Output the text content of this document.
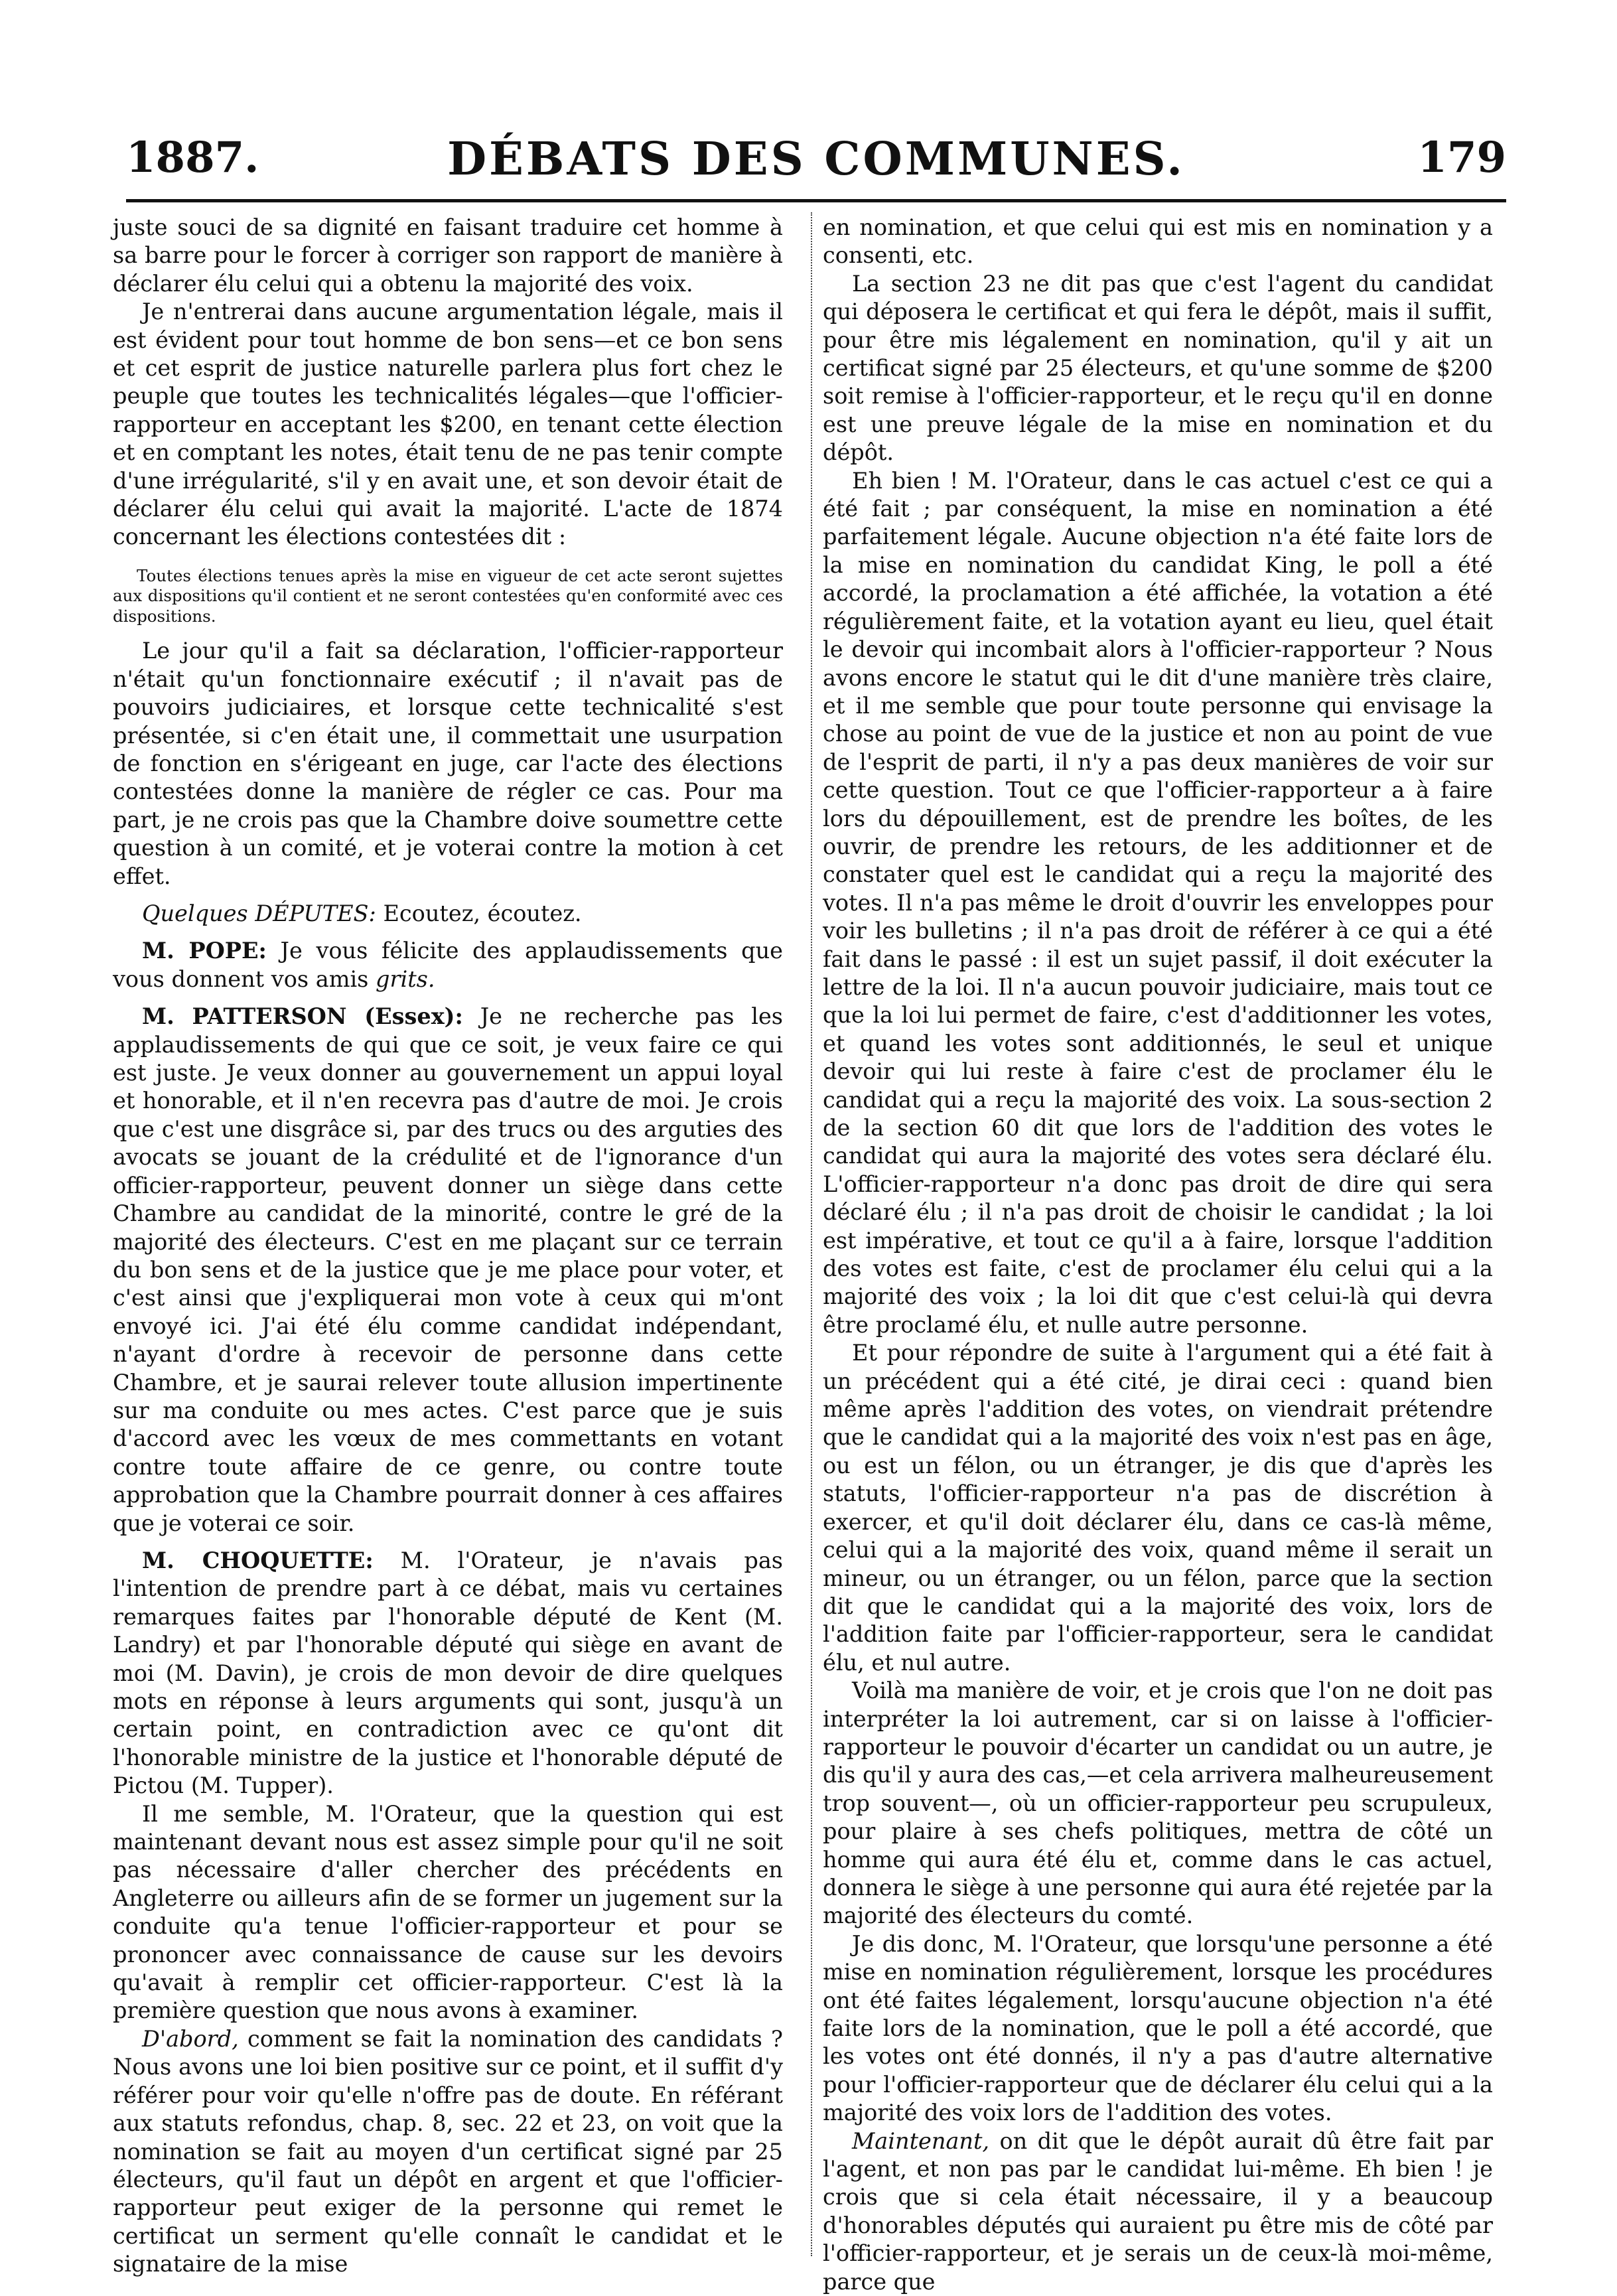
1887.	DÉBATS DES COMMUNES.	179

juste souci de sa dignité en faisant traduire cet homme à sa barre pour le forcer à corriger son rapport de manière à déclarer élu celui qui a obtenu la majorité des voix.

Je n'entrerai dans aucune argumentation légale, mais il est évident pour tout homme de bon sens—et ce bon sens et cet esprit de justice naturelle parlera plus fort chez le peuple que toutes les technicalités légales—que l'officier-rapporteur en acceptant les $200, en tenant cette élection et en comptant les notes, était tenu de ne pas tenir compte d'une irrégularité, s'il y en avait une, et son devoir était de déclarer élu celui qui avait la majorité. L'acte de 1874 concernant les élections contestées dit :

Toutes élections tenues après la mise en vigueur de cet acte seront sujettes aux dispositions qu'il contient et ne seront contestées qu'en conformité avec ces dispositions.

Le jour qu'il a fait sa déclaration, l'officier-rapporteur n'était qu'un fonctionnaire exécutif ; il n'avait pas de pouvoirs judiciaires, et lorsque cette technicalité s'est présentée, si c'en était une, il commettait une usurpation de fonction en s'érigeant en juge, car l'acte des élections contestées donne la manière de régler ce cas. Pour ma part, je ne crois pas que la Chambre doive soumettre cette question à un comité, et je voterai contre la motion à cet effet.

Quelques DÉPUTES: Ecoutez, écoutez.

M. POPE: Je vous félicite des applaudissements que vous donnent vos amis grits.

M. PATTERSON (Essex): Je ne recherche pas les applaudissements de qui que ce soit, je veux faire ce qui est juste. Je veux donner au gouvernement un appui loyal et honorable, et il n'en recevra pas d'autre de moi. Je crois que c'est une disgrâce si, par des trucs ou des arguties des avocats se jouant de la crédulité et de l'ignorance d'un officier-rapporteur, peuvent donner un siège dans cette Chambre au candidat de la minorité, contre le gré de la majorité des électeurs. C'est en me plaçant sur ce terrain du bon sens et de la justice que je me place pour voter, et c'est ainsi que j'expliquerai mon vote à ceux qui m'ont envoyé ici. J'ai été élu comme candidat indépendant, n'ayant d'ordre à recevoir de personne dans cette Chambre, et je saurai relever toute allusion impertinente sur ma conduite ou mes actes. C'est parce que je suis d'accord avec les vœux de mes commettants en votant contre toute affaire de ce genre, ou contre toute approbation que la Chambre pourrait donner à ces affaires que je voterai ce soir.

M. CHOQUETTE: M. l'Orateur, je n'avais pas l'intention de prendre part à ce débat, mais vu certaines remarques faites par l'honorable député de Kent (M. Landry) et par l'honorable député qui siège en avant de moi (M. Davin), je crois de mon devoir de dire quelques mots en réponse à leurs arguments qui sont, jusqu'à un certain point, en contradiction avec ce qu'ont dit l'honorable ministre de la justice et l'honorable député de Pictou (M. Tupper).

Il me semble, M. l'Orateur, que la question qui est maintenant devant nous est assez simple pour qu'il ne soit pas nécessaire d'aller chercher des précédents en Angleterre ou ailleurs afin de se former un jugement sur la conduite qu'a tenue l'officier-rapporteur et pour se prononcer avec connaissance de cause sur les devoirs qu'avait à remplir cet officier-rapporteur. C'est là la première question que nous avons à examiner.

D'abord, comment se fait la nomination des candidats ? Nous avons une loi bien positive sur ce point, et il suffit d'y référer pour voir qu'elle n'offre pas de doute. En référant aux statuts refondus, chap. 8, sec. 22 et 23, on voit que la nomination se fait au moyen d'un certificat signé par 25 électeurs, qu'il faut un dépôt en argent et que l'officier-rapporteur peut exiger de la personne qui remet le certificat un serment qu'elle connaît le candidat et le signataire de la mise

en nomination, et que celui qui est mis en nomination y a consenti, etc.

La section 23 ne dit pas que c'est l'agent du candidat qui déposera le certificat et qui fera le dépôt, mais il suffit, pour être mis légalement en nomination, qu'il y ait un certificat signé par 25 électeurs, et qu'une somme de $200 soit remise à l'officier-rapporteur, et le reçu qu'il en donne est une preuve légale de la mise en nomination et du dépôt.

Eh bien ! M. l'Orateur, dans le cas actuel c'est ce qui a été fait ; par conséquent, la mise en nomination a été parfaitement légale. Aucune objection n'a été faite lors de la mise en nomination du candidat King, le poll a été accordé, la proclamation a été affichée, la votation a été régulièrement faite, et la votation ayant eu lieu, quel était le devoir qui incombait alors à l'officier-rapporteur ? Nous avons encore le statut qui le dit d'une manière très claire, et il me semble que pour toute personne qui envisage la chose au point de vue de la justice et non au point de vue de l'esprit de parti, il n'y a pas deux manières de voir sur cette question. Tout ce que l'officier-rapporteur a à faire lors du dépouillement, est de prendre les boîtes, de les ouvrir, de prendre les retours, de les additionner et de constater quel est le candidat qui a reçu la majorité des votes. Il n'a pas même le droit d'ouvrir les enveloppes pour voir les bulletins ; il n'a pas droit de référer à ce qui a été fait dans le passé : il est un sujet passif, il doit exécuter la lettre de la loi. Il n'a aucun pouvoir judiciaire, mais tout ce que la loi lui permet de faire, c'est d'additionner les votes, et quand les votes sont additionnés, le seul et unique devoir qui lui reste à faire c'est de proclamer élu le candidat qui a reçu la majorité des voix. La sous-section 2 de la section 60 dit que lors de l'addition des votes le candidat qui aura la majorité des votes sera déclaré élu. L'officier-rapporteur n'a donc pas droit de dire qui sera déclaré élu ; il n'a pas droit de choisir le candidat ; la loi est impérative, et tout ce qu'il a à faire, lorsque l'addition des votes est faite, c'est de proclamer élu celui qui a la majorité des voix ; la loi dit que c'est celui-là qui devra être proclamé élu, et nulle autre personne.

Et pour répondre de suite à l'argument qui a été fait à un précédent qui a été cité, je dirai ceci : quand bien même après l'addition des votes, on viendrait prétendre que le candidat qui a la majorité des voix n'est pas en âge, ou est un félon, ou un étranger, je dis que d'après les statuts, l'officier-rapporteur n'a pas de discrétion à exercer, et qu'il doit déclarer élu, dans ce cas-là même, celui qui a la majorité des voix, quand même il serait un mineur, ou un étranger, ou un félon, parce que la section dit que le candidat qui a la majorité des voix, lors de l'addition faite par l'officier-rapporteur, sera le candidat élu, et nul autre.

Voilà ma manière de voir, et je crois que l'on ne doit pas interpréter la loi autrement, car si on laisse à l'officier-rapporteur le pouvoir d'écarter un candidat ou un autre, je dis qu'il y aura des cas,—et cela arrivera malheureusement trop souvent—, où un officier-rapporteur peu scrupuleux, pour plaire à ses chefs politiques, mettra de côté un homme qui aura été élu et, comme dans le cas actuel, donnera le siège à une personne qui aura été rejetée par la majorité des électeurs du comté.

Je dis donc, M. l'Orateur, que lorsqu'une personne a été mise en nomination régulièrement, lorsque les procédures ont été faites légalement, lorsqu'aucune objection n'a été faite lors de la nomination, que le poll a été accordé, que les votes ont été donnés, il n'y a pas d'autre alternative pour l'officier-rapporteur que de déclarer élu celui qui a la majorité des voix lors de l'addition des votes.

Maintenant, on dit que le dépôt aurait dû être fait par l'agent, et non pas par le candidat lui-même. Eh bien ! je crois que si cela était nécessaire, il y a beaucoup d'honorables députés qui auraient pu être mis de côté par l'officier-rapporteur, et je serais un de ceux-là moi-même, parce que
